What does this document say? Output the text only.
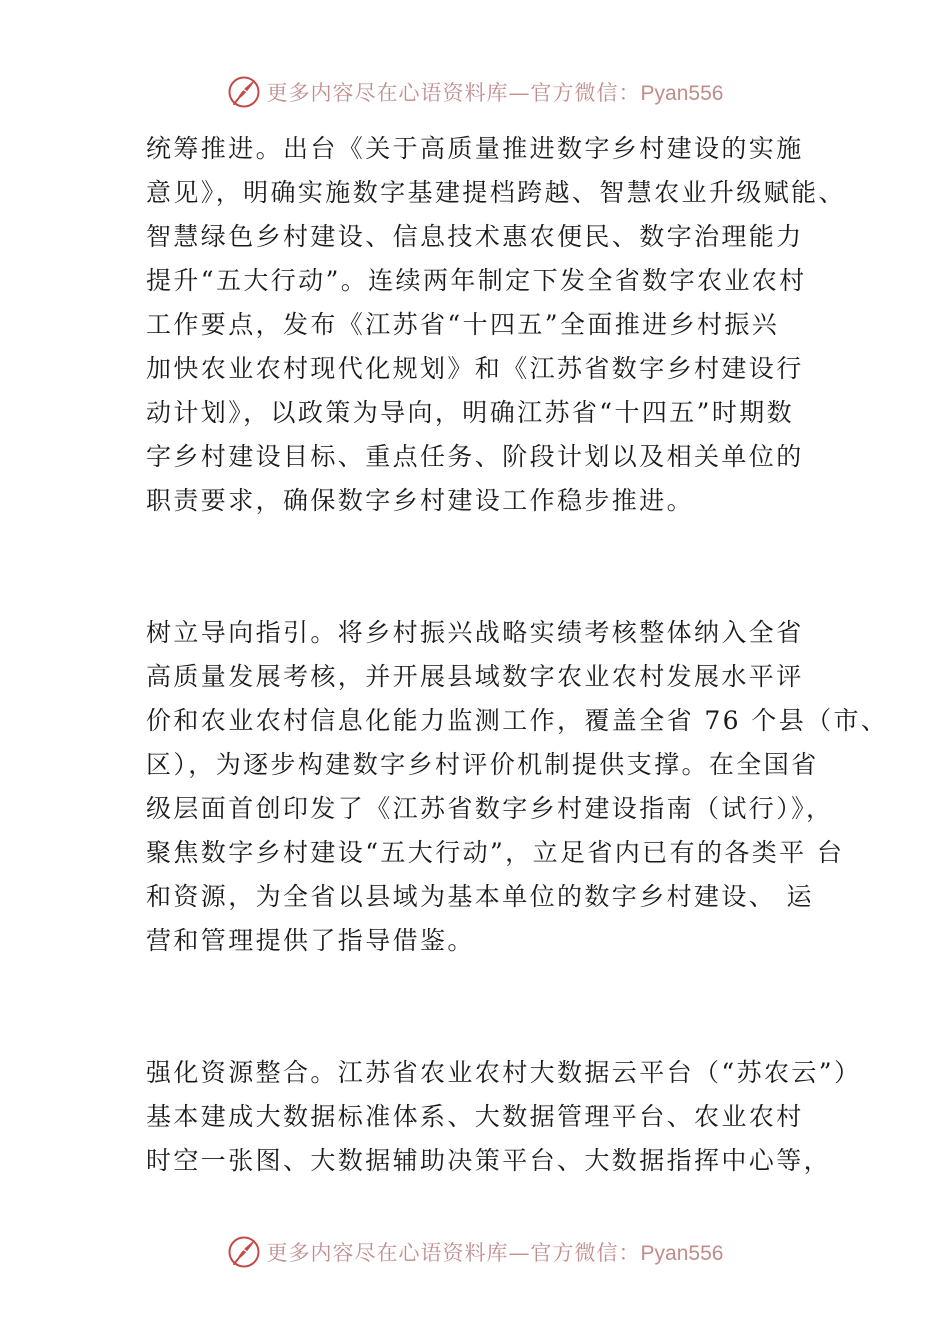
更多内容尽在心语资料库—官方微信：Pyan556

统筹推进。出台《关于高质量推进数字乡村建设的实施
意见》，明确实施数字基建提档跨越、智慧农业升级赋能、
智慧绿色乡村建设、信息技术惠农便民、数字治理能力
提升“五大行动”。连续两年制定下发全省数字农业农村
工作要点，发布《江苏省“十四五”全面推进乡村振兴
加快农业农村现代化规划》和《江苏省数字乡村建设行
动计划》，以政策为导向，明确江苏省“十四五”时期数
字乡村建设目标、重点任务、阶段计划以及相关单位的
职责要求，确保数字乡村建设工作稳步推进。

树立导向指引。将乡村振兴战略实绩考核整体纳入全省
高质量发展考核，并开展县域数字农业农村发展水平评
价和农业农村信息化能力监测工作，覆盖全省 76 个县（市、
区），为逐步构建数字乡村评价机制提供支撑。在全国省
级层面首创印发了《江苏省数字乡村建设指南（试行）》，
聚焦数字乡村建设“五大行动”，立足省内已有的各类平 台
和资源，为全省以县域为基本单位的数字乡村建设、 运
营和管理提供了指导借鉴。

强化资源整合。江苏省农业农村大数据云平台（“苏农云”）
基本建成大数据标准体系、大数据管理平台、农业农村
时空一张图、大数据辅助决策平台、大数据指挥中心等，

更多内容尽在心语资料库—官方微信：Pyan556
